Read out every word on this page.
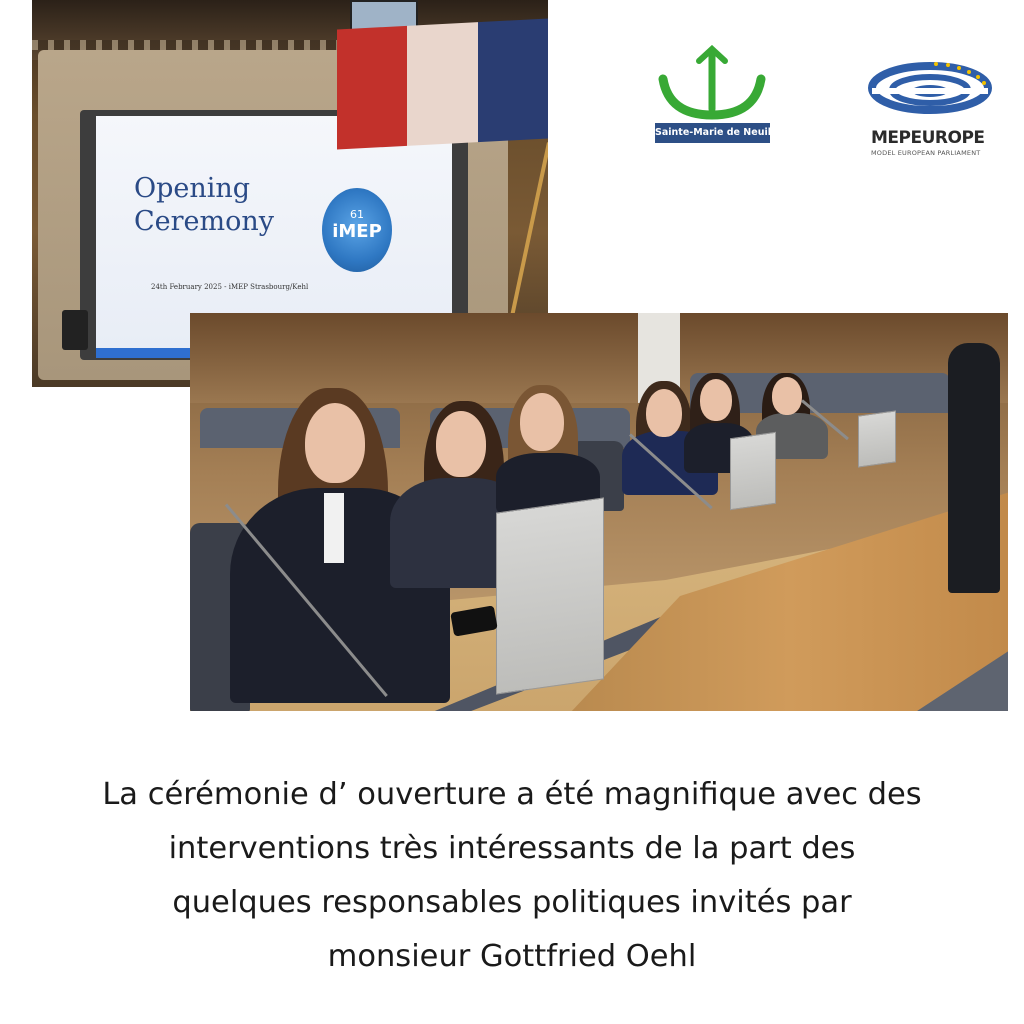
Opening
Ceremony	61
iMEP
24th February 2025 - iMEP Strasbourg/Kehl
Sainte-Marie de Neuilly	MEPEUROPE
MODEL EUROPEAN PARLIAMENT
La cérémonie d’ ouverture a été magnifique avec des
interventions très intéressants de la part des
quelques responsables politiques invités par
monsieur Gottfried Oehl
